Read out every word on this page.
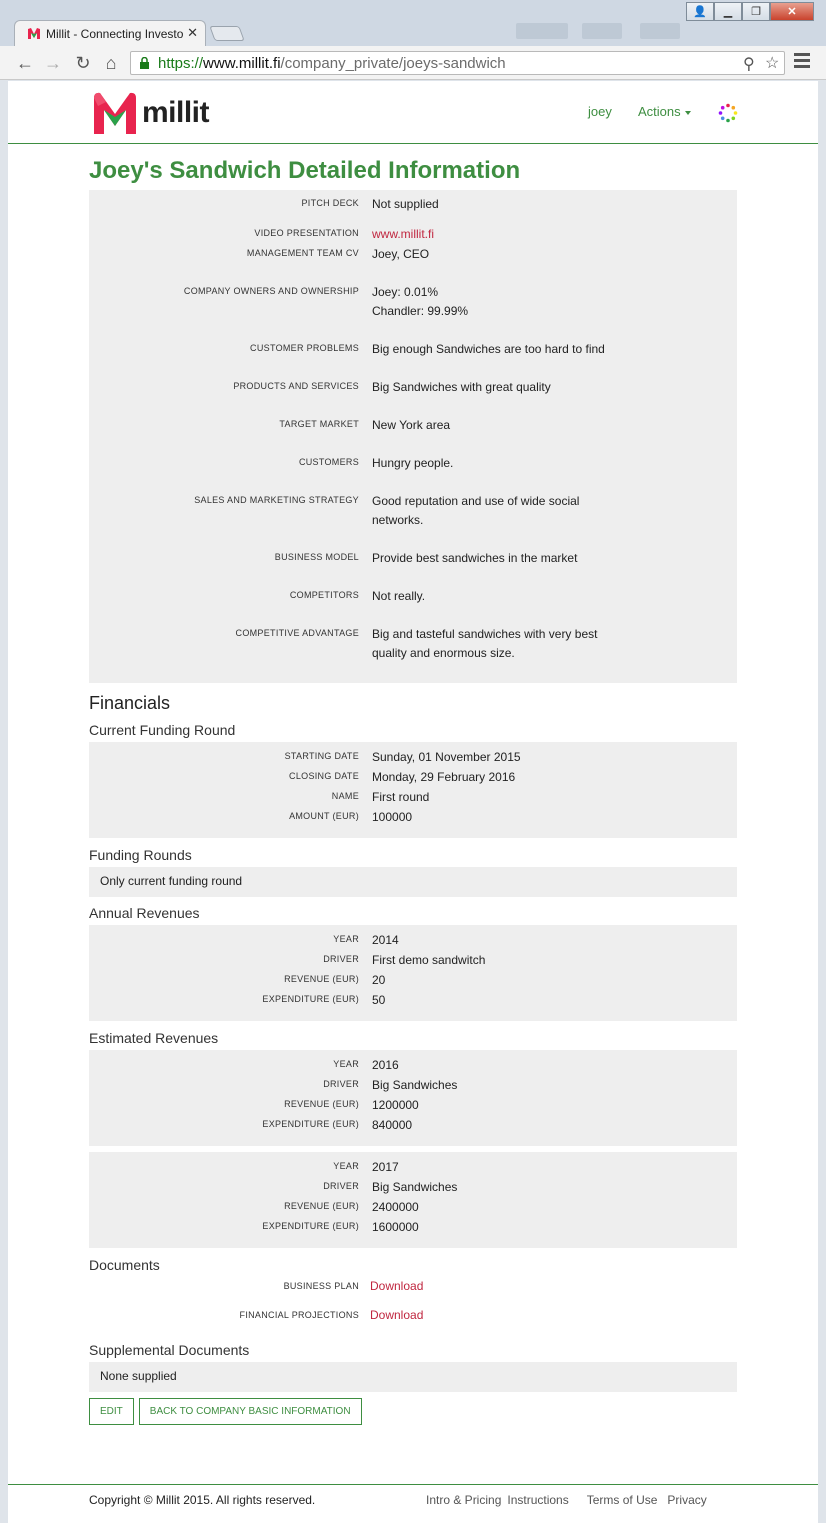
Millit - Connecting Investo ✕
👤	▁	❐	✕
← → ↻ ⌂	https://www.millit.fi/company_private/joeys-sandwich	⚲ ☆
millit	joey Actions
Joey's Sandwich Detailed Information
PITCH DECK Not supplied
VIDEO PRESENTATION www.millit.fi
MANAGEMENT TEAM CV Joey, CEO
COMPANY OWNERS AND OWNERSHIP Joey: 0.01%
Chandler: 99.99%
CUSTOMER PROBLEMS Big enough Sandwiches are too hard to find
PRODUCTS AND SERVICES Big Sandwiches with great quality
TARGET MARKET New York area
CUSTOMERS Hungry people.
SALES AND MARKETING STRATEGY Good reputation and use of wide social
networks.
BUSINESS MODEL Provide best sandwiches in the market
COMPETITORS Not really.
COMPETITIVE ADVANTAGE Big and tasteful sandwiches with very best
quality and enormous size.
Financials
Current Funding Round
STARTING DATE Sunday, 01 November 2015
CLOSING DATE Monday, 29 February 2016
NAME First round
AMOUNT (EUR) 100000
Funding Rounds
Only current funding round
Annual Revenues
YEAR 2014
DRIVER First demo sandwitch
REVENUE (EUR) 20
EXPENDITURE (EUR) 50
Estimated Revenues
YEAR 2016
DRIVER Big Sandwiches
REVENUE (EUR) 1200000
EXPENDITURE (EUR) 840000
YEAR 2017
DRIVER Big Sandwiches
REVENUE (EUR) 2400000
EXPENDITURE (EUR) 1600000
Documents
BUSINESS PLAN Download
FINANCIAL PROJECTIONS Download
Supplemental Documents
None supplied
EDIT	BACK TO COMPANY BASIC INFORMATION
Copyright © Millit 2015. All rights reserved.	Intro & Pricing Instructions Terms of Use Privacy
